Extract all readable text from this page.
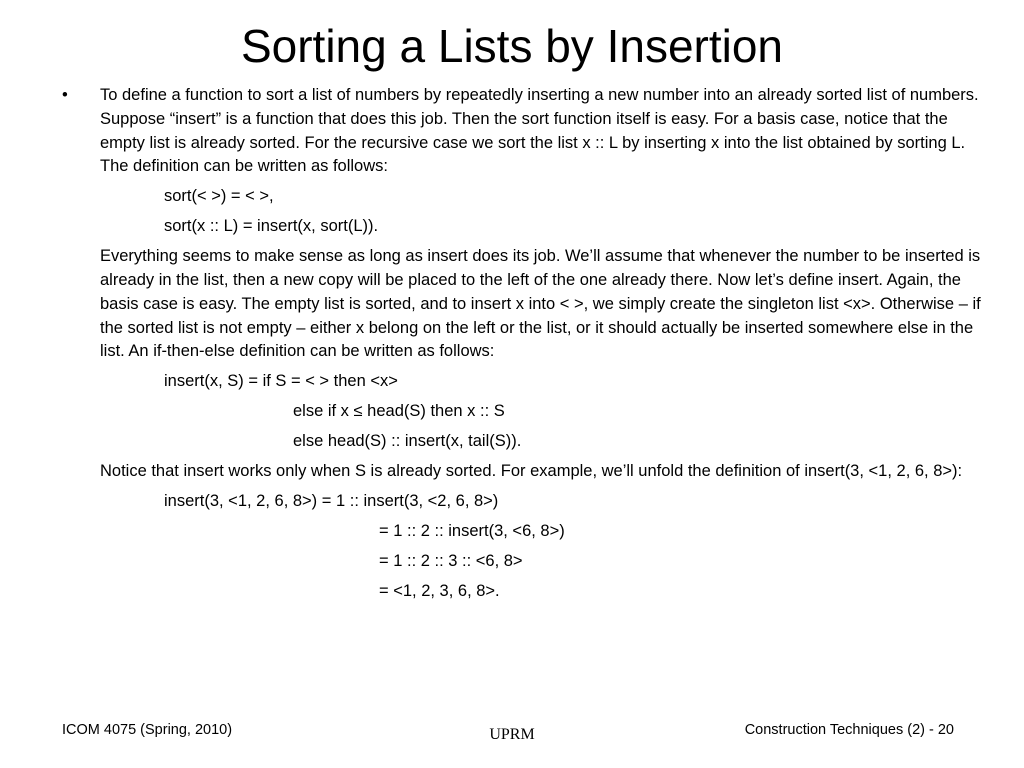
Sorting a Lists by Insertion
• To define a function to sort a list of numbers by repeatedly inserting a new number into an already sorted list of numbers. Suppose “insert” is a function that does this job. Then the sort function itself is easy. For a basis case, notice that the empty list is already sorted. For the recursive case we sort the list x :: L by inserting x into the list obtained by sorting L. The definition can be written as follows:

sort(< >) = < >,
sort(x :: L) = insert(x, sort(L)).

Everything seems to make sense as long as insert does its job. We’ll assume that whenever the number to be inserted is already in the list, then a new copy will be placed to the left of the one already there. Now let’s define insert. Again, the basis case is easy. The empty list is sorted, and to insert x into < >, we simply create the singleton list <x>. Otherwise – if the sorted list is not empty – either x belong on the left or the list, or it should actually be inserted somewhere else in the list. An if-then-else definition can be written as follows:

insert(x, S) = if S = < > then <x>
else if x ≤ head(S) then x :: S
else head(S) :: insert(x, tail(S)).

Notice that insert works only when S is already sorted. For example, we’ll unfold the definition of insert(3, <1, 2, 6, 8>):

insert(3, <1, 2, 6, 8>) = 1 :: insert(3, <2, 6, 8>)
= 1 :: 2 :: insert(3, <6, 8>)
= 1 :: 2 :: 3 :: <6, 8>
= <1, 2, 3, 6, 8>.
ICOM 4075 (Spring, 2010)	UPRM	Construction Techniques (2) - 20
